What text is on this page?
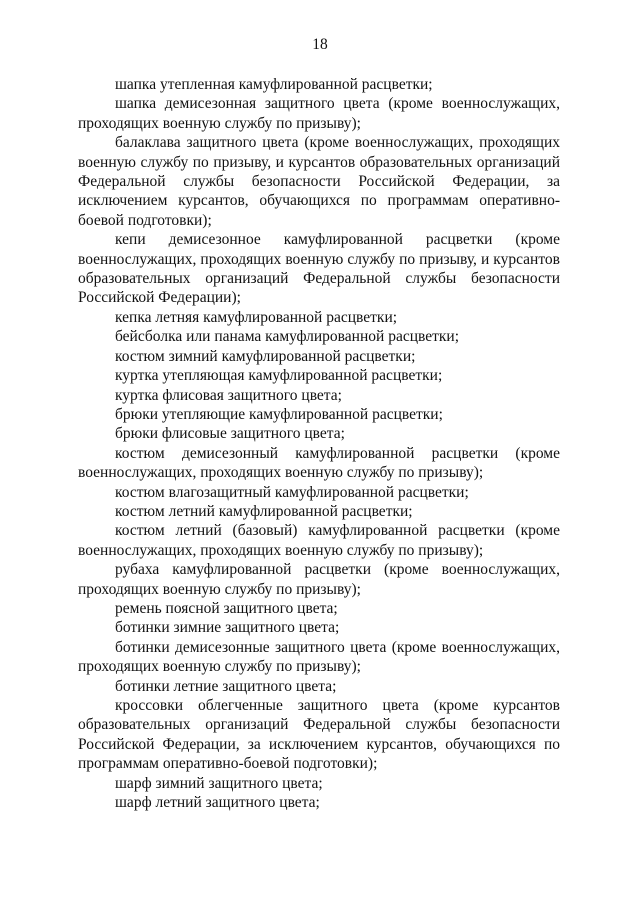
18

шапка утепленная камуфлированной расцветки;

шапка демисезонная защитного цвета (кроме военнослужащих, проходящих военную службу по призыву);

балаклава защитного цвета (кроме военнослужащих, проходящих военную службу по призыву, и курсантов образовательных организаций Федеральной службы безопасности Российской Федерации, за исключением курсантов, обучающихся по программам оперативно-боевой подготовки);

кепи демисезонное камуфлированной расцветки (кроме военнослужащих, проходящих военную службу по призыву, и курсантов образовательных организаций Федеральной службы безопасности Российской Федерации);

кепка летняя камуфлированной расцветки;

бейсболка или панама камуфлированной расцветки;

костюм зимний камуфлированной расцветки;

куртка утепляющая камуфлированной расцветки;

куртка флисовая защитного цвета;

брюки утепляющие камуфлированной расцветки;

брюки флисовые защитного цвета;

костюм демисезонный камуфлированной расцветки (кроме военнослужащих, проходящих военную службу по призыву);

костюм влагозащитный камуфлированной расцветки;

костюм летний камуфлированной расцветки;

костюм летний (базовый) камуфлированной расцветки (кроме военнослужащих, проходящих военную службу по призыву);

рубаха камуфлированной расцветки (кроме военнослужащих, проходящих военную службу по призыву);

ремень поясной защитного цвета;

ботинки зимние защитного цвета;

ботинки демисезонные защитного цвета (кроме военнослужащих, проходящих военную службу по призыву);

ботинки летние защитного цвета;

кроссовки облегченные защитного цвета (кроме курсантов образовательных организаций Федеральной службы безопасности Российской Федерации, за исключением курсантов, обучающихся по программам оперативно-боевой подготовки);

шарф зимний защитного цвета;

шарф летний защитного цвета;
